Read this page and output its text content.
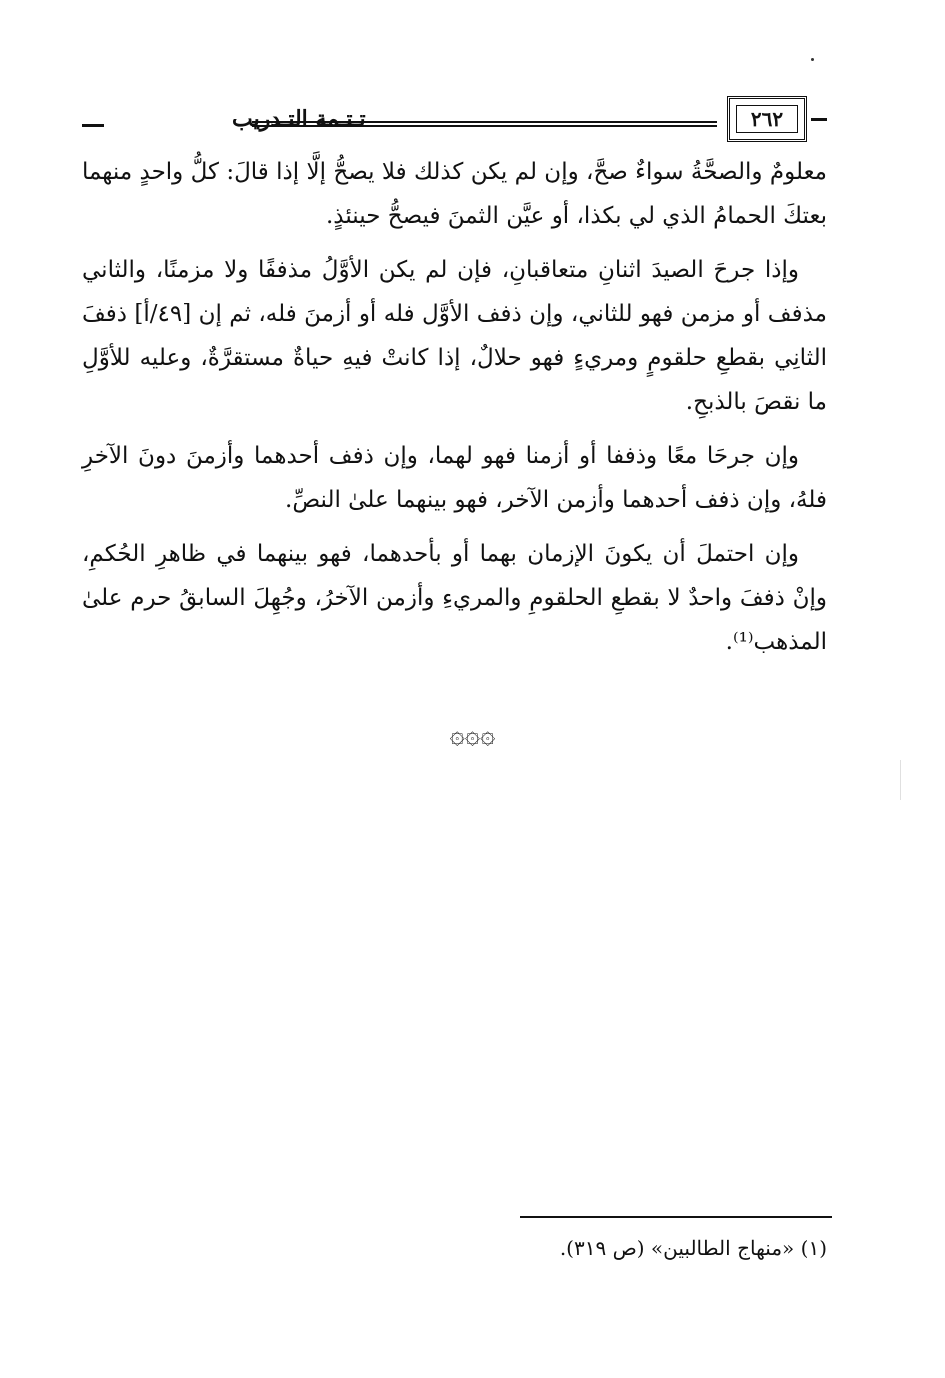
تـتـمة التـدريب	٢٦٢

معلومٌ والصحَّةُ سواءٌ صحَّ، وإن لم يكن كذلك فلا يصحُّ إلَّا إذا قالَ: كلُّ واحدٍ منهما بعتكَ الحمامُ الذي لي بكذا، أو عيَّن الثمنَ فيصحُّ حينئذٍ.

وإذا جرحَ الصيدَ اثنانِ متعاقبانِ، فإن لم يكن الأوَّلُ مذففًا ولا مزمنًا، والثاني مذفف أو مزمن فهو للثاني، وإن ذفف الأوَّل فله أو أزمنَ فله، ثم إن [٤٩/أ] ذففَ الثانِي بقطعِ حلقومٍ ومريءٍ فهو حلالٌ، إذا كانتْ فيهِ حياةٌ مستقرَّةٌ، وعليه للأوَّلِ ما نقصَ بالذبحِ.

وإن جرحَا معًا وذففا أو أزمنا فهو لهما، وإن ذفف أحدهما وأزمنَ دونَ الآخرِ فلهُ، وإن ذفف أحدهما وأزمن الآخر، فهو بينهما علىٰ النصِّ.

وإن احتملَ أن يكونَ الإزمان بهما أو بأحدهما، فهو بينهما في ظاهرِ الحُكمِ، وإنْ ذففَ واحدٌ لا بقطعِ الحلقومِ والمريءِ وأزمن الآخرُ، وجُهِلَ السابقُ حرم علىٰ المذهب⁽¹⁾.

۞۞۞
(١) «منهاج الطالبين» (ص ٣١٩).
